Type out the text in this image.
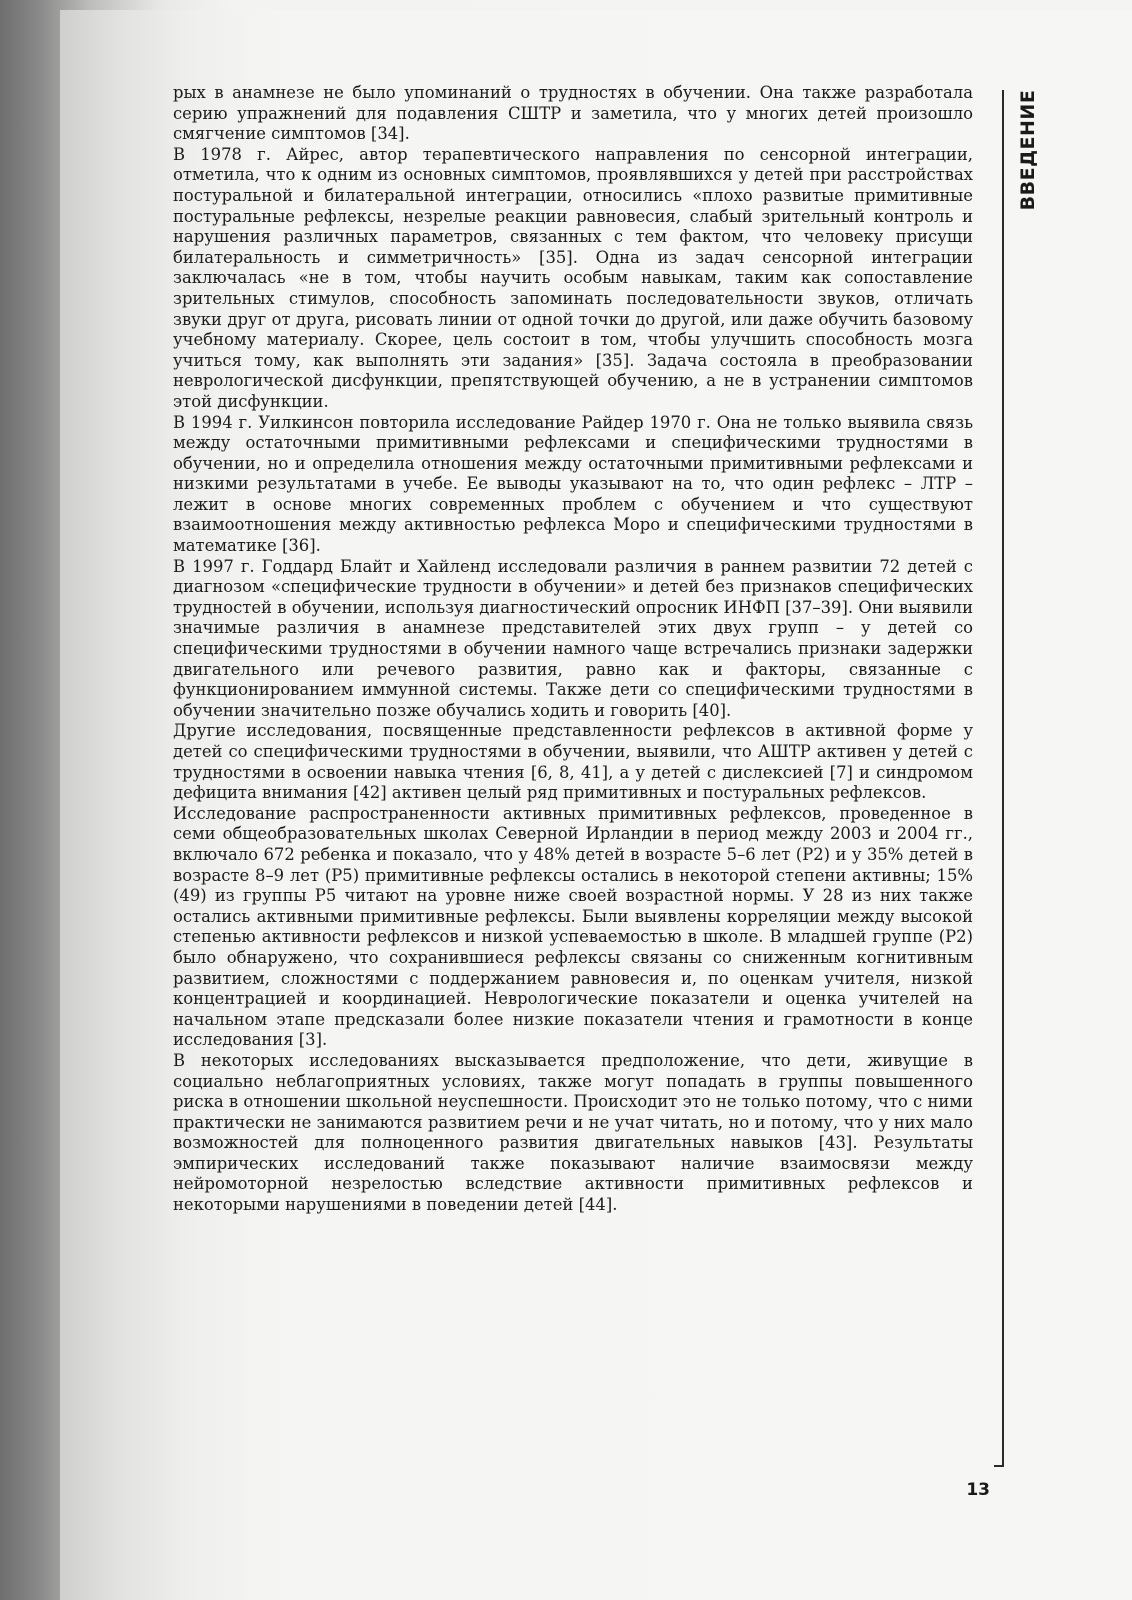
рых в анамнезе не было упоминаний о трудностях в обучении. Она также разработала серию упражнений для подавления СШТР и заметила, что у многих детей произошло смягчение симптомов [34].

В 1978 г. Айрес, автор терапевтического направления по сенсорной интеграции, отметила, что к одним из основных симптомов, проявлявшихся у детей при расстройствах постуральной и билатеральной интеграции, относились «плохо развитые примитивные постуральные рефлексы, незрелые реакции равновесия, слабый зрительный контроль и нарушения различных параметров, связанных с тем фактом, что человеку присущи билатеральность и симметричность» [35]. Одна из задач сенсорной интеграции заключалась «не в том, чтобы научить особым навыкам, таким как сопоставление зрительных стимулов, способность запоминать последовательности звуков, отличать звуки друг от друга, рисовать линии от одной точки до другой, или даже обучить базовому учебному материалу. Скорее, цель состоит в том, чтобы улучшить способность мозга учиться тому, как выполнять эти задания» [35]. Задача состояла в преобразовании неврологической дисфункции, препятствующей обучению, а не в устранении симптомов этой дисфункции.

В 1994 г. Уилкинсон повторила исследование Райдер 1970 г. Она не только выявила связь между остаточными примитивными рефлексами и специфическими трудностями в обучении, но и определила отношения между остаточными примитивными рефлексами и низкими результатами в учебе. Ее выводы указывают на то, что один рефлекс – ЛТР – лежит в основе многих современных проблем с обучением и что существуют взаимоотношения между активностью рефлекса Моро и специфическими трудностями в математике [36].

В 1997 г. Годдард Блайт и Хайленд исследовали различия в раннем развитии 72 детей с диагнозом «специфические трудности в обучении» и детей без признаков специфических трудностей в обучении, используя диагностический опросник ИНФП [37–39]. Они выявили значимые различия в анамнезе представителей этих двух групп – у детей со специфическими трудностями в обучении намного чаще встречались признаки задержки двигательного или речевого развития, равно как и факторы, связанные с функционированием иммунной системы. Также дети со специфическими трудностями в обучении значительно позже обучались ходить и говорить [40].

Другие исследования, посвященные представленности рефлексов в активной форме у детей со специфическими трудностями в обучении, выявили, что АШТР активен у детей с трудностями в освоении навыка чтения [6, 8, 41], а у детей с дислексией [7] и синдромом дефицита внимания [42] активен целый ряд примитивных и постуральных рефлексов.

Исследование распространенности активных примитивных рефлексов, проведенное в семи общеобразовательных школах Северной Ирландии в период между 2003 и 2004 гг., включало 672 ребенка и показало, что у 48% детей в возрасте 5–6 лет (P2) и у 35% детей в возрасте 8–9 лет (P5) примитивные рефлексы остались в некоторой степени активны; 15% (49) из группы P5 читают на уровне ниже своей возрастной нормы. У 28 из них также остались активными примитивные рефлексы. Были выявлены корреляции между высокой степенью активности рефлексов и низкой успеваемостью в школе. В младшей группе (P2) было обнаружено, что сохранившиеся рефлексы связаны со сниженным когнитивным развитием, сложностями с поддержанием равновесия и, по оценкам учителя, низкой концентрацией и координацией. Неврологические показатели и оценка учителей на начальном этапе предсказали более низкие показатели чтения и грамотности в конце исследования [3].

В некоторых исследованиях высказывается предположение, что дети, живущие в социально неблагоприятных условиях, также могут попадать в группы повышенного риска в отношении школьной неуспешности. Происходит это не только потому, что с ними практически не занимаются развитием речи и не учат читать, но и потому, что у них мало возможностей для полноценного развития двигательных навыков [43]. Результаты эмпирических исследований также показывают наличие взаимосвязи между нейромоторной незрелостью вследствие активности примитивных рефлексов и некоторыми нарушениями в поведении детей [44].

ВВЕДЕНИЕ
13
